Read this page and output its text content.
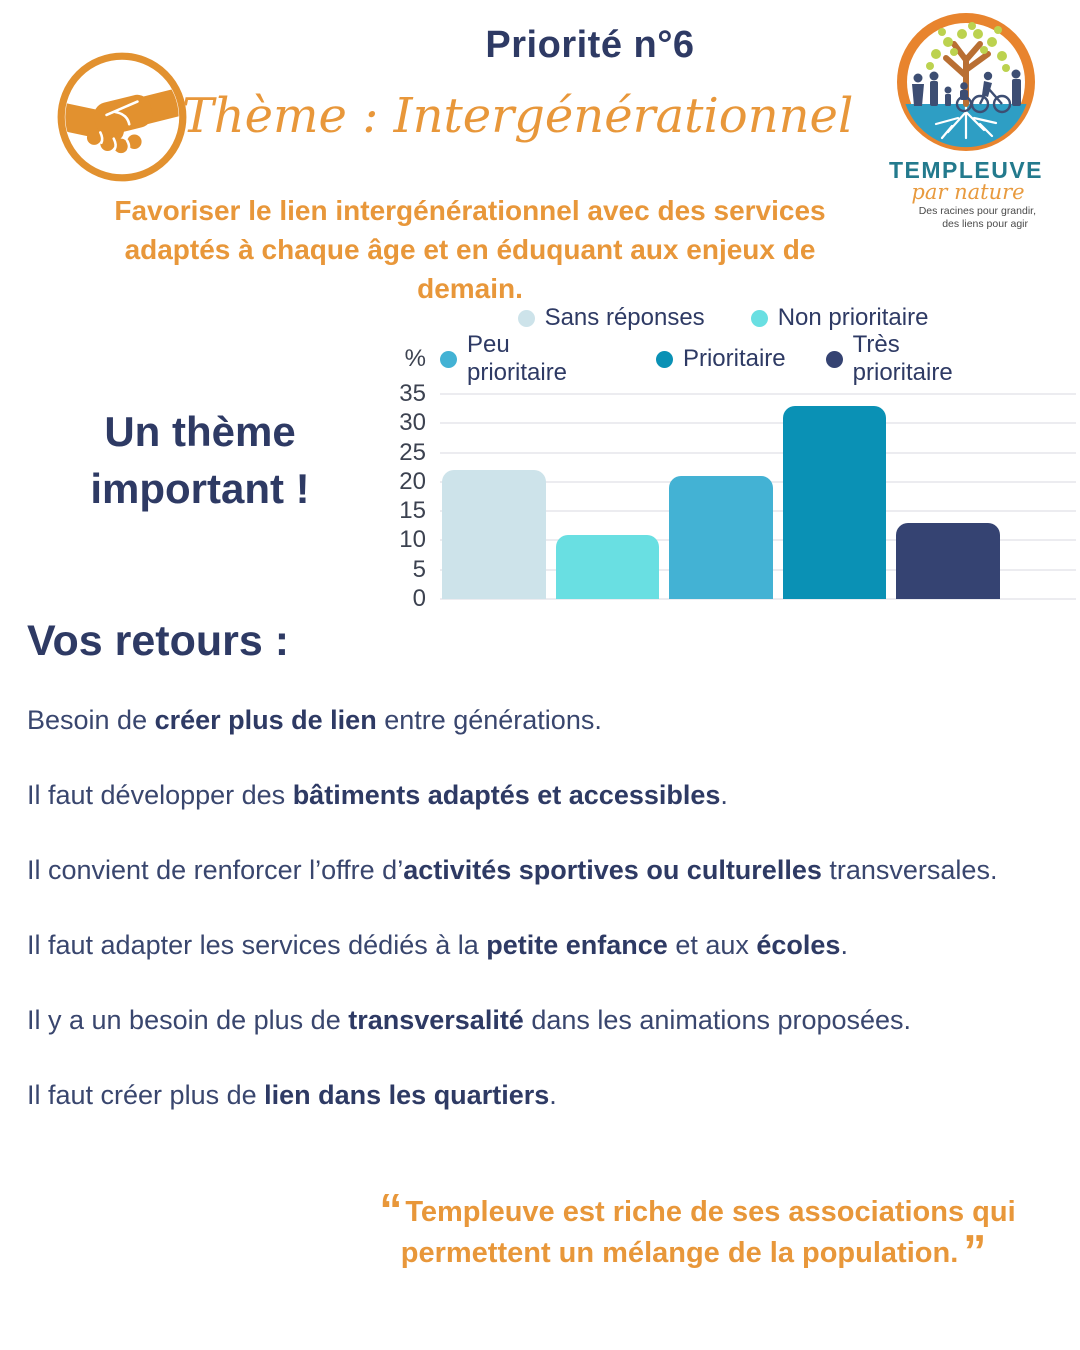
Priorité n°6
Thème : Intergénérationnel
TEMPLEUVE
par nature
Des racines pour grandir,
des liens pour agir
Favoriser le lien intergénérationnel avec des services
adaptés à chaque âge et en éduquant aux enjeux de
demain.
Sans réponses	Non prioritaire
%
Peu prioritaire
Prioritaire
Très prioritaire
0
5
10
15
20
25
30
35
Un thème
important !
Vos retours :

Besoin de créer plus de lien entre générations.

Il faut développer des bâtiments adaptés et accessibles.

Il convient de renforcer l’offre d’activités sportives ou culturelles transversales.

Il faut adapter les services dédiés à la petite enfance et aux écoles.

Il y a un besoin de plus de transversalité dans les animations proposées.

Il faut créer plus de lien dans les quartiers.

“ Templeuve est riche de ses associations qui
permettent un mélange de la population. ”
